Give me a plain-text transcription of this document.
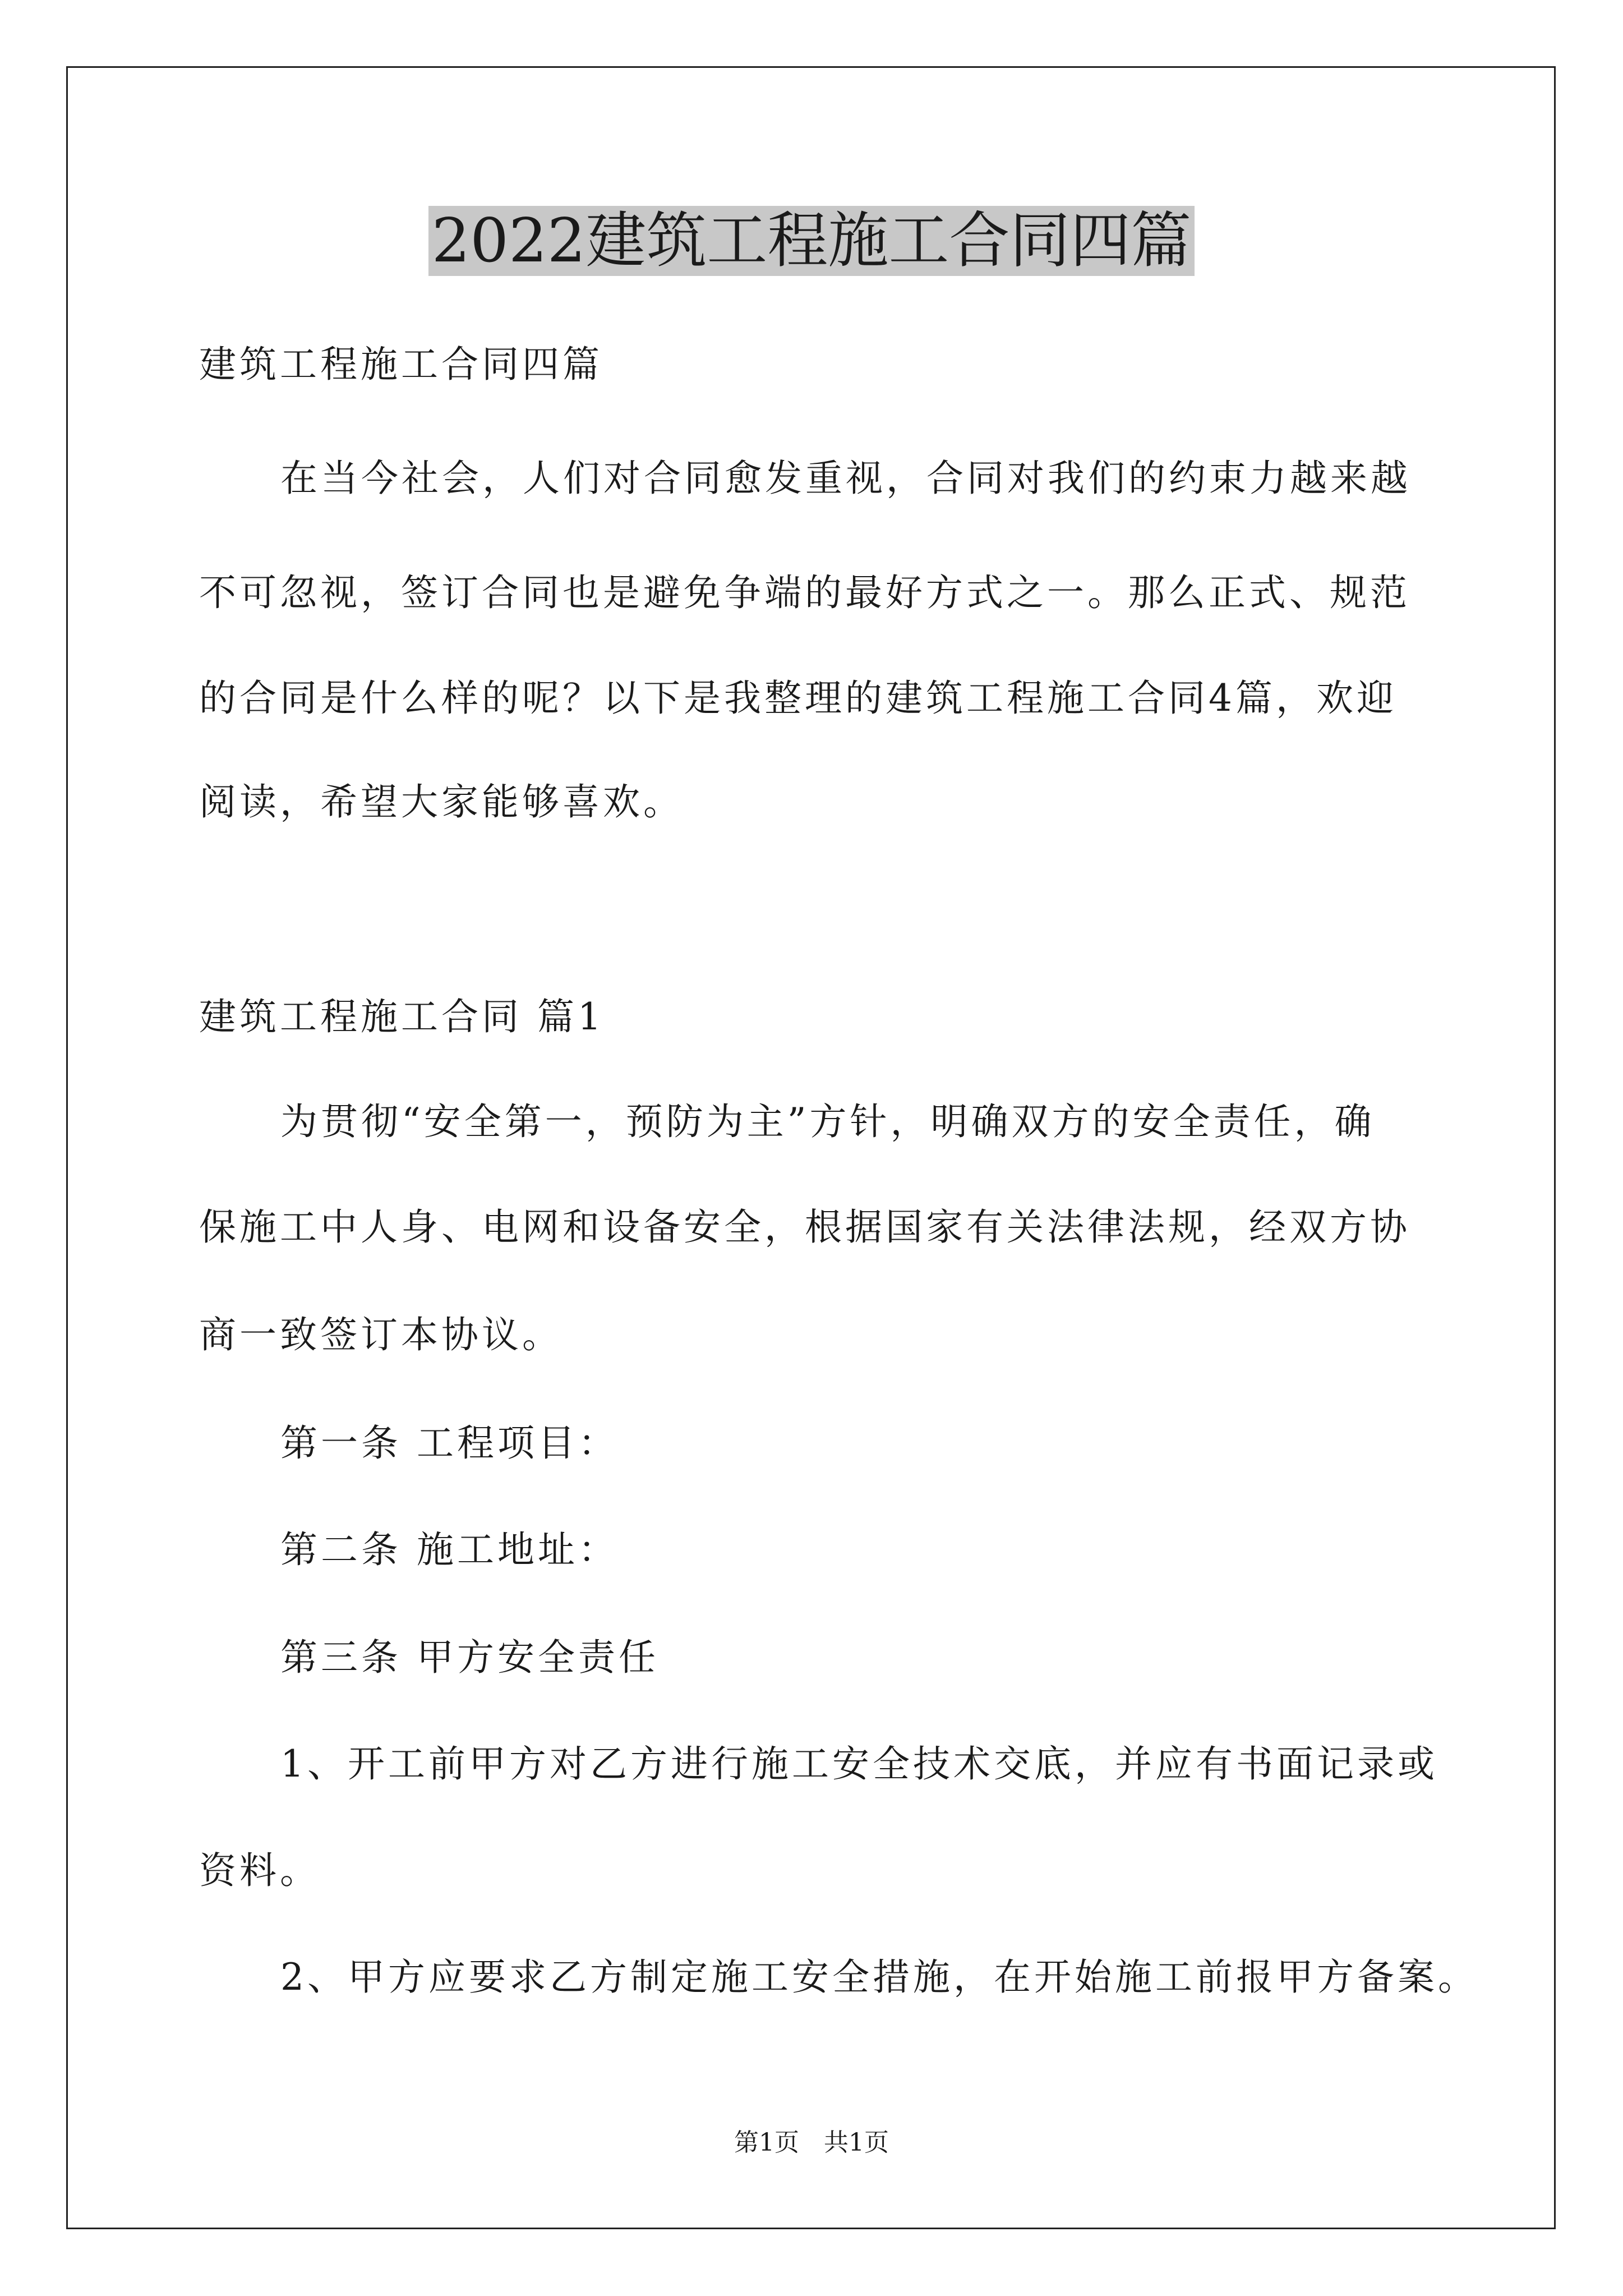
2022建筑工程施工合同四篇
建筑工程施工合同四篇
在当今社会，人们对合同愈发重视，合同对我们的约束力越来越
不可忽视，签订合同也是避免争端的最好方式之一。那么正式、规范
的合同是什么样的呢？以下是我整理的建筑工程施工合同4篇，欢迎
阅读，希望大家能够喜欢。
建筑工程施工合同 篇1
为贯彻“安全第一，预防为主”方针，明确双方的安全责任，确
保施工中人身、电网和设备安全，根据国家有关法律法规，经双方协
商一致签订本协议。
第一条 工程项目：
第二条 施工地址：
第三条 甲方安全责任
1、开工前甲方对乙方进行施工安全技术交底，并应有书面记录或
资料。
2、甲方应要求乙方制定施工安全措施，在开始施工前报甲方备案。
第1页　共1页
